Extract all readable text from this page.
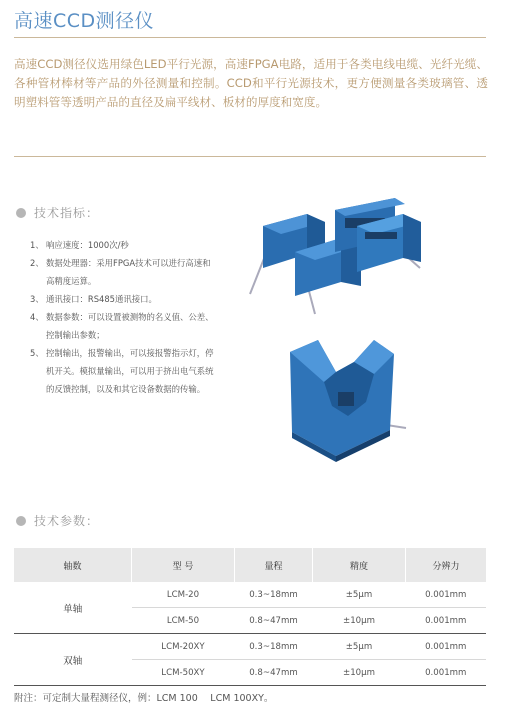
高速CCD测径仪
高速CCD测径仪选用绿色LED平行光源，高速FPGA电路，适用于各类电线电缆、光纤光缆、各种管材棒材等产品的外径测量和控制。CCD和平行光源技术，更方便测量各类玻璃管、透明塑料管等透明产品的直径及扁平线材、板材的厚度和宽度。
技术指标：
1、 响应速度：1000次/秒
2、 数据处理器：采用FPGA技术可以进行高速和高精度运算。
3、 通讯接口：RS485通讯接口。
4、 数据参数：可以设置被测物的名义值、公差、控制输出参数；
5、 控制输出，报警输出，可以接报警指示灯，停机开关。模拟量输出，可以用于挤出电气系统的反馈控制，以及和其它设备数据的传输。
技术参数：
轴数	型 号	量程	精度	分辨力
单轴	LCM-20	0.3~18mm	±5μm	0.001mm
	LCM-50	0.8~47mm	±10μm	0.001mm
双轴	LCM-20XY	0.3~18mm	±5μm	0.001mm
	LCM-50XY	0.8~47mm	±10μm	0.001mm
附注：可定制大量程测径仪，例：LCM 100　 LCM 100XY。
